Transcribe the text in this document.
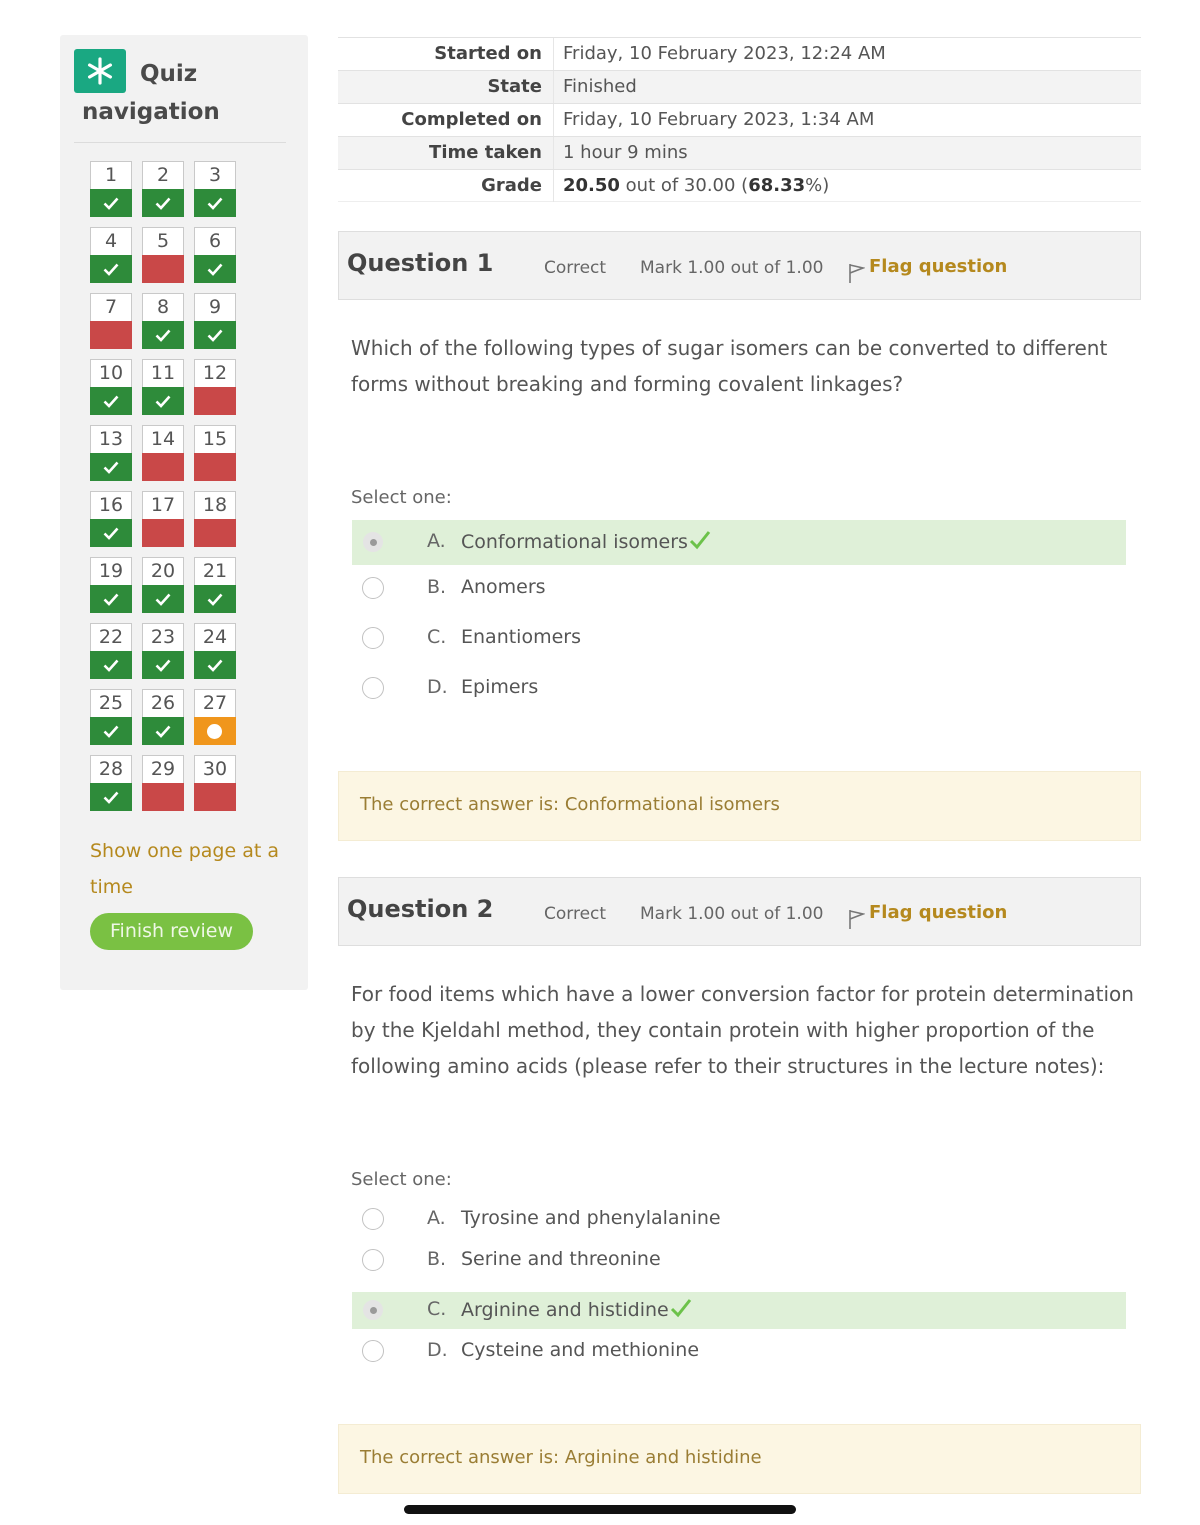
Quiz
navigation
1	2	3
4	5	6
7	8	9
10	11	12
13	14	15
16	17	18
19	20	21
22	23	24
25	26	27
28	29	30
Show one page at a time
Finish review
Started on	Friday, 10 February 2023, 12:24 AM
State	Finished
Completed on	Friday, 10 February 2023, 1:34 AM
Time taken	1 hour 9 mins
Grade	20.50 out of 30.00 (68.33%)
Question 1	Correct Mark 1.00 out of 1.00	Flag question
Which of the following types of sugar isomers can be converted to different forms without breaking and forming covalent linkages?
Select one:
A. Conformational isomers
B. Anomers
C. Enantiomers
D. Epimers
The correct answer is: Conformational isomers
Question 2	Correct Mark 1.00 out of 1.00	Flag question
For food items which have a lower conversion factor for protein determination by the Kjeldahl method, they contain protein with higher proportion of the following amino acids (please refer to their structures in the lecture notes):
Select one:
A. Tyrosine and phenylalanine
B. Serine and threonine
C. Arginine and histidine
D. Cysteine and methionine
The correct answer is: Arginine and histidine
